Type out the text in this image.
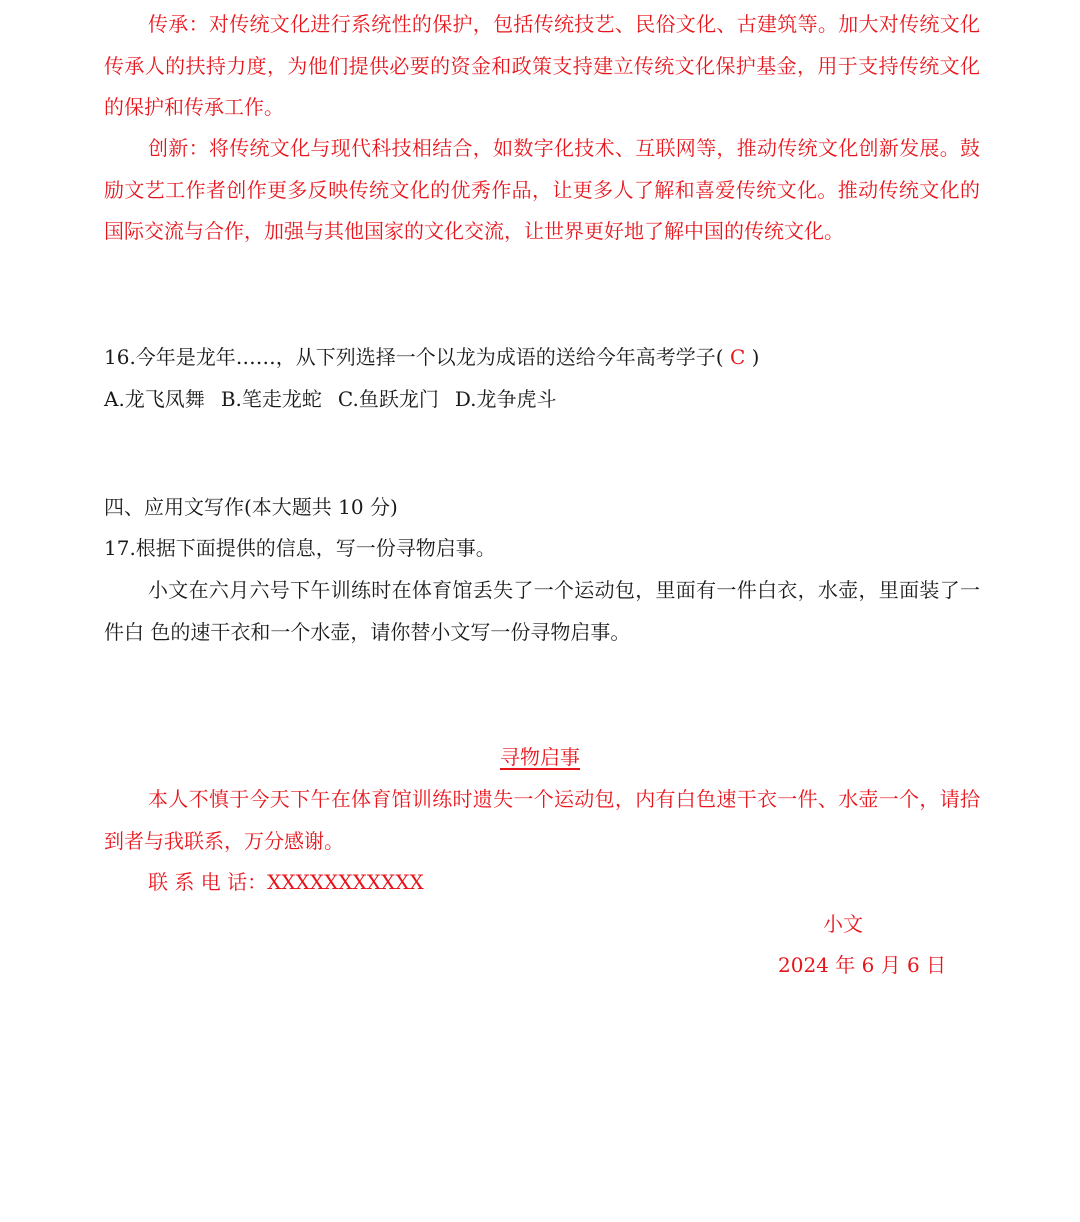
传承：对传统文化进行系统性的保护，包括传统技艺、民俗文化、古建筑等。加大对传统文化传承人的扶持力度，为他们提供必要的资金和政策支持建立传统文化保护基金，用于支持传统文化的保护和传承工作。

创新：将传统文化与现代科技相结合，如数字化技术、互联网等，推动传统文化创新发展。鼓励文艺工作者创作更多反映传统文化的优秀作品，让更多人了解和喜爱传统文化。推动传统文化的国际交流与合作，加强与其他国家的文化交流，让世界更好地了解中国的传统文化。

16.今年是龙年……，从下列选择一个以龙为成语的送给今年高考学子( C )

A.龙飞凤舞 B.笔走龙蛇 C.鱼跃龙门 D.龙争虎斗

四、应用文写作(本大题共 10 分)

17.根据下面提供的信息，写一份寻物启事。

小文在六月六号下午训练时在体育馆丢失了一个运动包，里面有一件白衣，水壶，里面装了一件白 色的速干衣和一个水壶，请你替小文写一份寻物启事。

寻物启事

本人不慎于今天下午在体育馆训练时遗失一个运动包，内有白色速干衣一件、水壶一个，请拾到者与我联系，万分感谢。

联 系 电 话：XXXXXXXXXXX

小文
2024 年 6 月 6 日
